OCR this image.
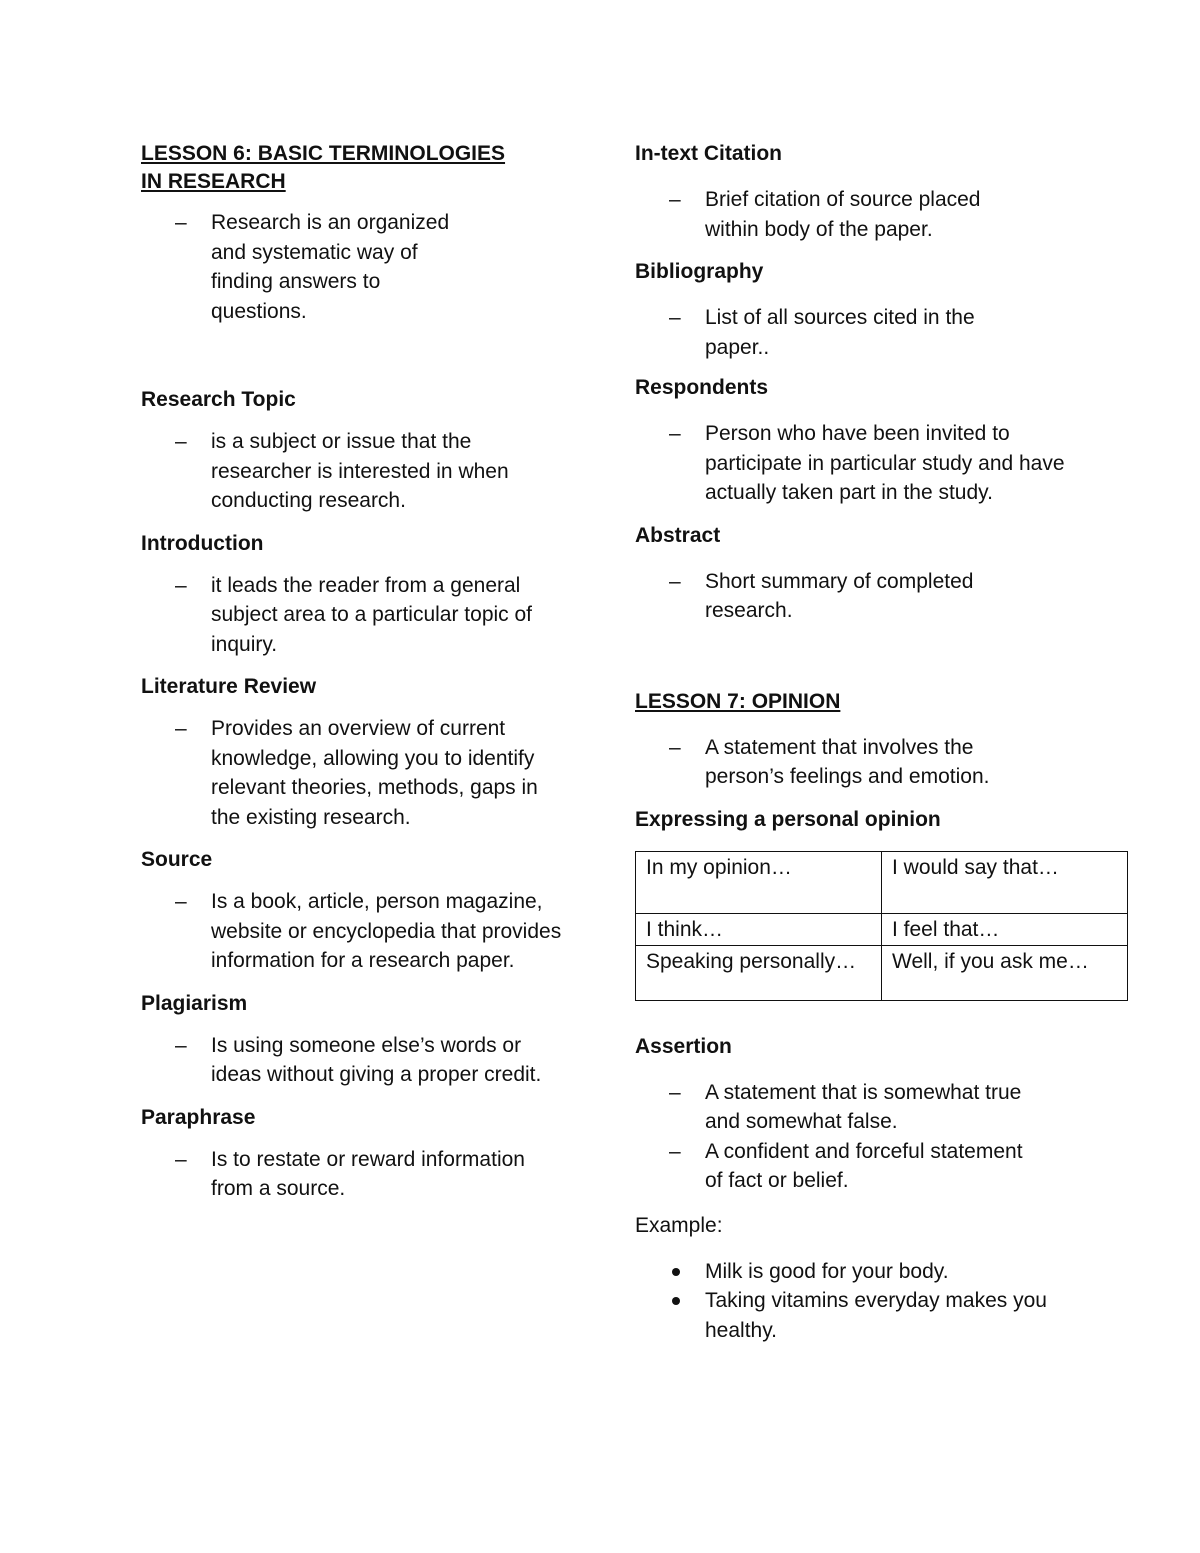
LESSON 6: BASIC TERMINOLOGIES
IN RESEARCH
– Research is an organized and systematic way of finding answers to questions.
Research Topic
– is a subject or issue that the researcher is interested in when conducting research.
Introduction
– it leads the reader from a general subject area to a particular topic of inquiry.
Literature Review
– Provides an overview of current knowledge, allowing you to identify relevant theories, methods, gaps in the existing research.
Source
– Is a book, article, person magazine, website or encyclopedia that provides information for a research paper.
Plagiarism
– Is using someone else’s words or ideas without giving a proper credit.
Paraphrase
– Is to restate or reward information from a source.
In-text Citation
– Brief citation of source placed within body of the paper.
Bibliography
– List of all sources cited in the paper..
Respondents
– Person who have been invited to participate in particular study and have actually taken part in the study.
Abstract
– Short summary of completed research.
LESSON 7: OPINION
– A statement that involves the person’s feelings and emotion.
Expressing a personal opinion
In my opinion…	I would say that…
I think…	I feel that…
Speaking personally…	Well, if you ask me…
Assertion
– A statement that is somewhat true and somewhat false.
– A confident and forceful statement of fact or belief.
Example:
Milk is good for your body.
Taking vitamins everyday makes you healthy.
